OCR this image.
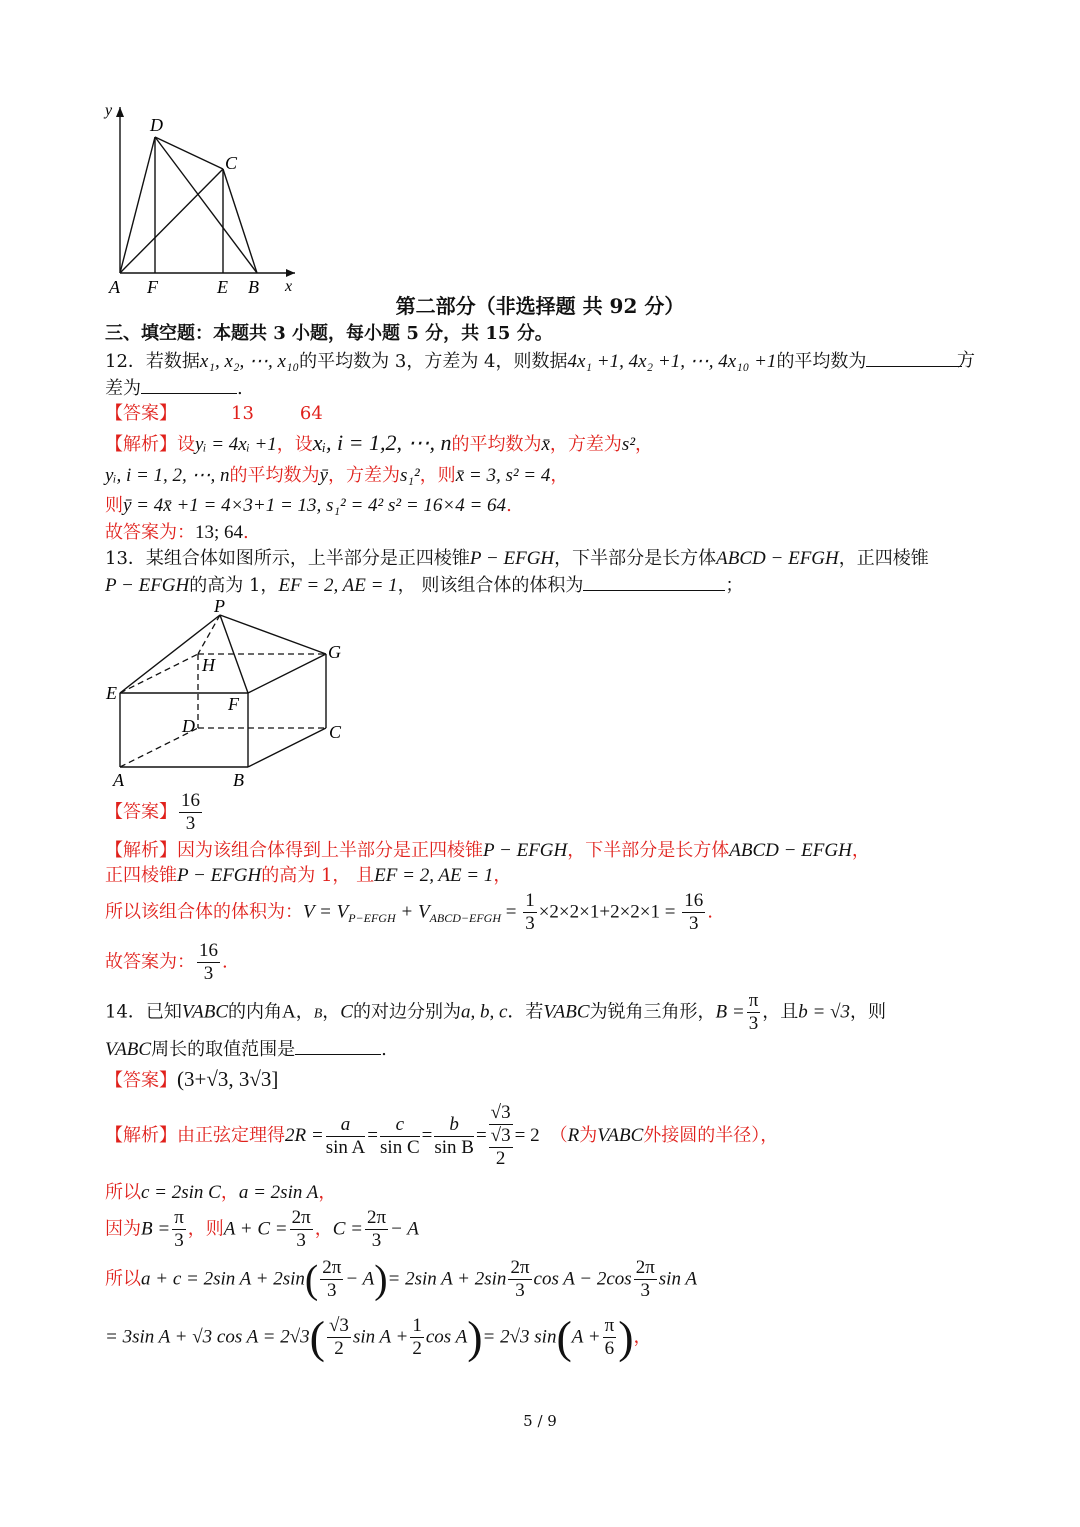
y
x
D
C
A F	E B
第二部分（非选择题 共 92 分）
三、填空题：本题共 3 小题，每小题 5 分，共 15 分。
12．若数据x₁, x₂, ⋯, x₁₀的平均数为 3，方差为 4，则数据4x₁ +1, 4x₂ +1, ⋯, 4x₁₀ +1的平均数为	方
差为	.
【答案】	13	64
【解析】设yᵢ = 4xᵢ +1，设xᵢ, i = 1,2, ⋯, n的平均数为x̄，方差为s²，
yᵢ, i = 1, 2, ⋯, n的平均数为ȳ，方差为s₁²，则x̄ = 3, s² = 4，
则ȳ = 4x̄ +1 = 4×3+1 = 13, s₁² = 4² s² = 16×4 = 64.
故答案为：13; 64.
13．某组合体如图所示，上半部分是正四棱锥P − EFGH，下半部分是长方体ABCD − EFGH，正四棱锥
P − EFGH的高为 1，EF = 2, AE = 1， 则该组合体的体积为	；
P
H
G
E
F
D	C
A	B
【答案】 $\frac{16}{3}$
【解析】因为该组合体得到上半部分是正四棱锥P − EFGH，下半部分是长方体ABCD − EFGH，
正四棱锥P − EFGH的高为 1， 且EF = 2, AE = 1，
所以该组合体的体积为：$V = V_{P-EFGH} + V_{ABCD-EFGH} = \frac{1}{3} \times 2\times 2\times 1+2\times 2\times 1 = \frac{16}{3}$ .
故答案为： $\frac{16}{3}$ .
14．已知VABC的内角A，B，C的对边分别为a, b, c．若VABC为锐角三角形，$B = \frac{\pi}{3}$ ，且b = √3，则
VABC周长的取值范围是	.
【答案】(3+√3, 3√3]
【解析】由正弦定理得$2R = \frac{a}{\text{sin A}} = \frac{c}{\text{sin C}} = \frac{b}{\text{sin B}} = \frac{√3}{\frac{√3}{2}} = 2$ （R为VABC外接圆的半径），
所以c = 2sin C，a = 2sin A，
因为$B = \frac{\pi}{3}$ ，则$A + C = \frac{2\pi}{3}$ ，$C = \frac{2\pi}{3} - A$
所以a + c = 2sin $A + 2\sin( \frac{2\pi}{3} - A)= 2\sin$ $A + 2\sin \frac{2\pi}{3}$ $\cos A - 2\cos \frac{2\pi}{3}$ sin A
= 3sin A + √3 $\cos A = 2√3( \frac{√3}{2}$ $\sin A + \frac{1}{2}$ cos A)= 2√3 $\sin(A + \frac{\pi}{6}$ )，
5 / 9
